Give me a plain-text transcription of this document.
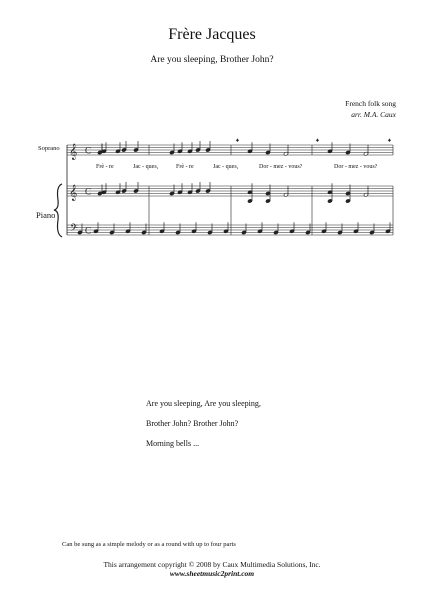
Frère Jacques
Are you sleeping, Brother John?
French folk song
arr. M.A. Caux
𝄞
𝄞
𝄢
C
C
C
+	+	+
Soprano
Piano
Frè - re	Jac - ques,	Frè - re	Jac - ques,	Dor - mez - vous?	Dor - mez - vous?
Are you sleeping, Are you sleeping,
Brother John? Brother John?
Morning bells ...
Can be sung as a simple melody or as a round with up to four parts
This arrangement copyright © 2008 by Caux Multimedia Solutions, Inc.
www.sheetmusic2print.com
